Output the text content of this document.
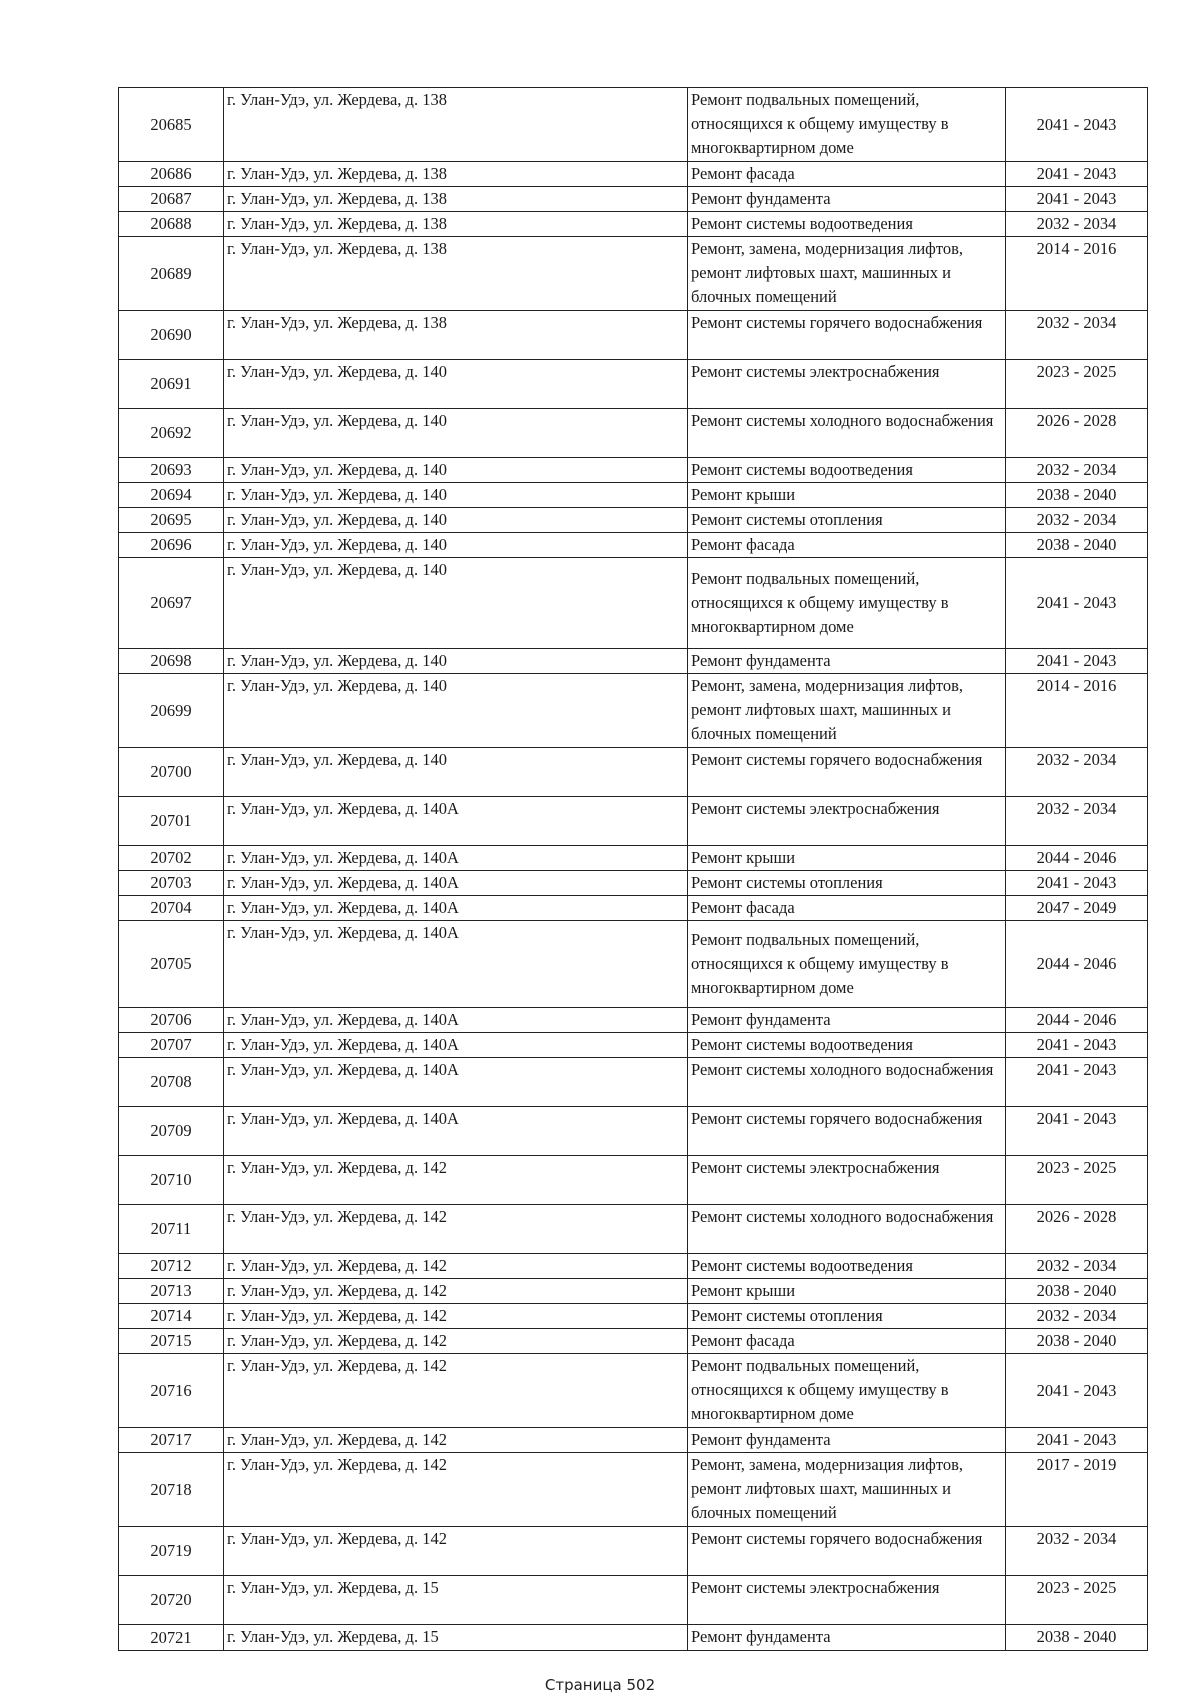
20685	г. Улан-Удэ, ул. Жердева, д. 138	Ремонт подвальных помещений, относящихся к общему имуществу в многоквартирном доме	2041 - 2043
20686	г. Улан-Удэ, ул. Жердева, д. 138	Ремонт фасада	2041 - 2043
20687	г. Улан-Удэ, ул. Жердева, д. 138	Ремонт фундамента	2041 - 2043
20688	г. Улан-Удэ, ул. Жердева, д. 138	Ремонт системы водоотведения	2032 - 2034
20689	г. Улан-Удэ, ул. Жердева, д. 138	Ремонт, замена, модернизация лифтов, ремонт лифтовых шахт, машинных и блочных помещений	2014 - 2016
20690	г. Улан-Удэ, ул. Жердева, д. 138	Ремонт системы горячего водоснабжения	2032 - 2034
20691	г. Улан-Удэ, ул. Жердева, д. 140	Ремонт системы электроснабжения	2023 - 2025
20692	г. Улан-Удэ, ул. Жердева, д. 140	Ремонт системы холодного водоснабжения	2026 - 2028
20693	г. Улан-Удэ, ул. Жердева, д. 140	Ремонт системы водоотведения	2032 - 2034
20694	г. Улан-Удэ, ул. Жердева, д. 140	Ремонт крыши	2038 - 2040
20695	г. Улан-Удэ, ул. Жердева, д. 140	Ремонт системы отопления	2032 - 2034
20696	г. Улан-Удэ, ул. Жердева, д. 140	Ремонт фасада	2038 - 2040
20697	г. Улан-Удэ, ул. Жердева, д. 140	Ремонт подвальных помещений, относящихся к общему имуществу в многоквартирном доме	2041 - 2043
20698	г. Улан-Удэ, ул. Жердева, д. 140	Ремонт фундамента	2041 - 2043
20699	г. Улан-Удэ, ул. Жердева, д. 140	Ремонт, замена, модернизация лифтов, ремонт лифтовых шахт, машинных и блочных помещений	2014 - 2016
20700	г. Улан-Удэ, ул. Жердева, д. 140	Ремонт системы горячего водоснабжения	2032 - 2034
20701	г. Улан-Удэ, ул. Жердева, д. 140А	Ремонт системы электроснабжения	2032 - 2034
20702	г. Улан-Удэ, ул. Жердева, д. 140А	Ремонт крыши	2044 - 2046
20703	г. Улан-Удэ, ул. Жердева, д. 140А	Ремонт системы отопления	2041 - 2043
20704	г. Улан-Удэ, ул. Жердева, д. 140А	Ремонт фасада	2047 - 2049
20705	г. Улан-Удэ, ул. Жердева, д. 140А	Ремонт подвальных помещений, относящихся к общему имуществу в многоквартирном доме	2044 - 2046
20706	г. Улан-Удэ, ул. Жердева, д. 140А	Ремонт фундамента	2044 - 2046
20707	г. Улан-Удэ, ул. Жердева, д. 140А	Ремонт системы водоотведения	2041 - 2043
20708	г. Улан-Удэ, ул. Жердева, д. 140А	Ремонт системы холодного водоснабжения	2041 - 2043
20709	г. Улан-Удэ, ул. Жердева, д. 140А	Ремонт системы горячего водоснабжения	2041 - 2043
20710	г. Улан-Удэ, ул. Жердева, д. 142	Ремонт системы электроснабжения	2023 - 2025
20711	г. Улан-Удэ, ул. Жердева, д. 142	Ремонт системы холодного водоснабжения	2026 - 2028
20712	г. Улан-Удэ, ул. Жердева, д. 142	Ремонт системы водоотведения	2032 - 2034
20713	г. Улан-Удэ, ул. Жердева, д. 142	Ремонт крыши	2038 - 2040
20714	г. Улан-Удэ, ул. Жердева, д. 142	Ремонт системы отопления	2032 - 2034
20715	г. Улан-Удэ, ул. Жердева, д. 142	Ремонт фасада	2038 - 2040
20716	г. Улан-Удэ, ул. Жердева, д. 142	Ремонт подвальных помещений, относящихся к общему имуществу в многоквартирном доме	2041 - 2043
20717	г. Улан-Удэ, ул. Жердева, д. 142	Ремонт фундамента	2041 - 2043
20718	г. Улан-Удэ, ул. Жердева, д. 142	Ремонт, замена, модернизация лифтов, ремонт лифтовых шахт, машинных и блочных помещений	2017 - 2019
20719	г. Улан-Удэ, ул. Жердева, д. 142	Ремонт системы горячего водоснабжения	2032 - 2034
20720	г. Улан-Удэ, ул. Жердева, д. 15	Ремонт системы электроснабжения	2023 - 2025
20721	г. Улан-Удэ, ул. Жердева, д. 15	Ремонт фундамента	2038 - 2040
Страница 502
